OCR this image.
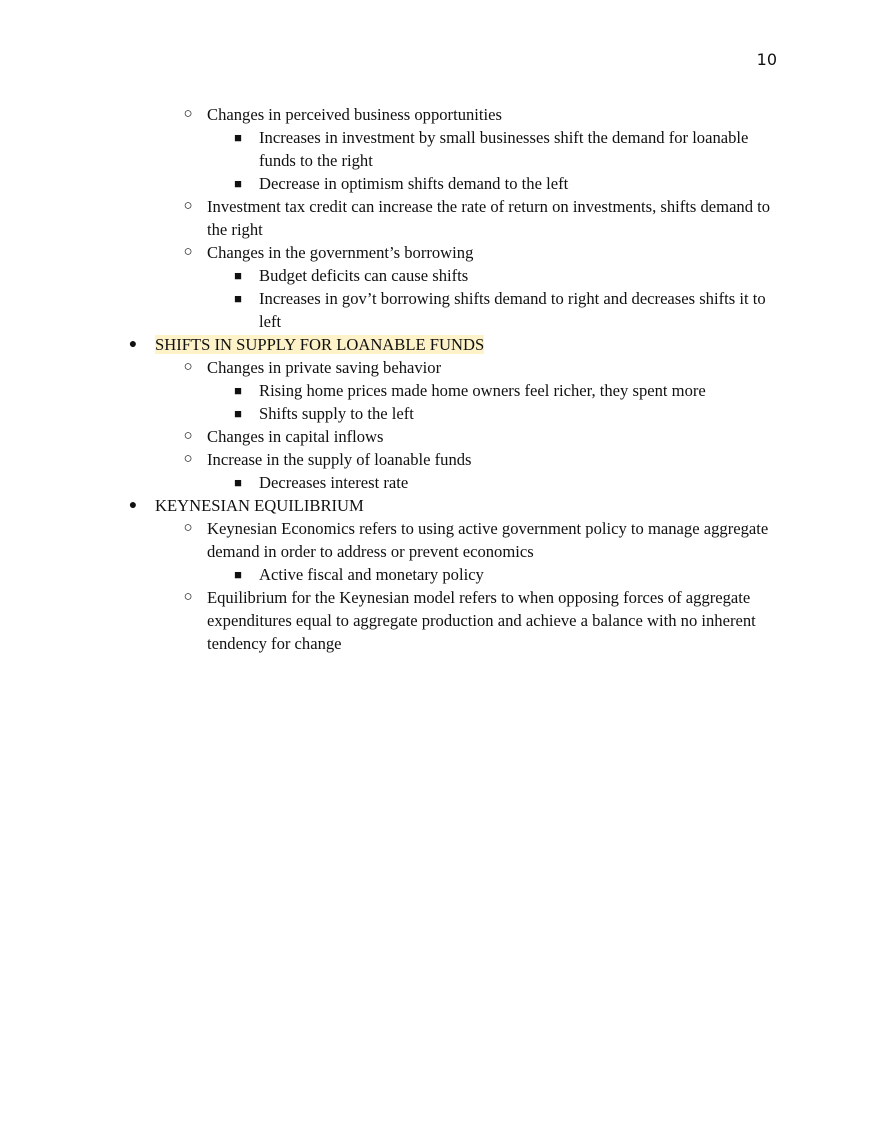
10
○ Changes in perceived business opportunities
■ Increases in investment by small businesses shift the demand for loanable funds to the right
■ Decrease in optimism shifts demand to the left
○ Investment tax credit can increase the rate of return on investments, shifts demand to the right
○ Changes in the government’s borrowing
■ Budget deficits can cause shifts
■ Increases in gov’t borrowing shifts demand to right and decreases shifts it to left
● SHIFTS IN SUPPLY FOR LOANABLE FUNDS
○ Changes in private saving behavior
■ Rising home prices made home owners feel richer, they spent more
■ Shifts supply to the left
○ Changes in capital inflows
○ Increase in the supply of loanable funds
■ Decreases interest rate
● KEYNESIAN EQUILIBRIUM
○ Keynesian Economics refers to using active government policy to manage aggregate demand in order to address or prevent economics
■ Active fiscal and monetary policy
○ Equilibrium for the Keynesian model refers to when opposing forces of aggregate expenditures equal to aggregate production and achieve a balance with no inherent tendency for change
